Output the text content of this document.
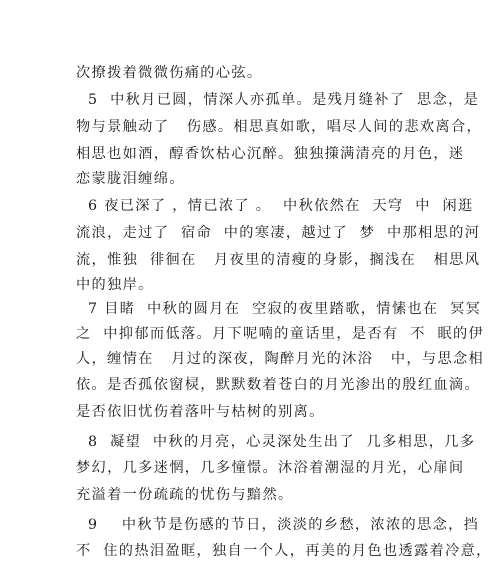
次撩拨着微微伤痛的心弦。
5  中秋月已圆，情深人亦孤单。是残月缝补了  思念，是
物与景触动了   伤感。相思真如歌，唱尽人间的悲欢离合，
相思也如酒，醇香饮枯心沉醉。独独㩍满清亮的月色，迷
恋蒙胧泪缠绵。
6 夜已深了 ，情已浓了 。  中秋依然在  天穹  中  闲逛
流浪，走过了  宿命  中的寒凄，越过了  梦  中那相思的河
流，惟独  徘徊在   月夜里的清瘦的身影，搁浅在   相思风
中的独岸。
7 目睹  中秋的圆月在  空寂的夜里踏歌，情愫也在  冥冥
之  中抑郁而低落。月下呢喃的童话里，是否有  不  眠的伊
人，缠情在   月过的深夜，陶醉月光的沐浴   中，与思念相
依。是否孤依窗棂，默默数着苍白的月光渗出的殷红血滴。
是否依旧忧伤着落叶与枯树的别离。
8  凝望  中秋的月亮，心灵深处生出了  几多相思，几多
梦幻，几多迷惘，几多憧憬。沐浴着潮湿的月光，心扉间
充溢着一份疏疏的忧伤与黯然。
9    中秋节是伤感的节日，淡淡的乡愁，浓浓的思念，挡
不  住的热泪盈眶，独自一个人，再美的月色也透露着冷意，
